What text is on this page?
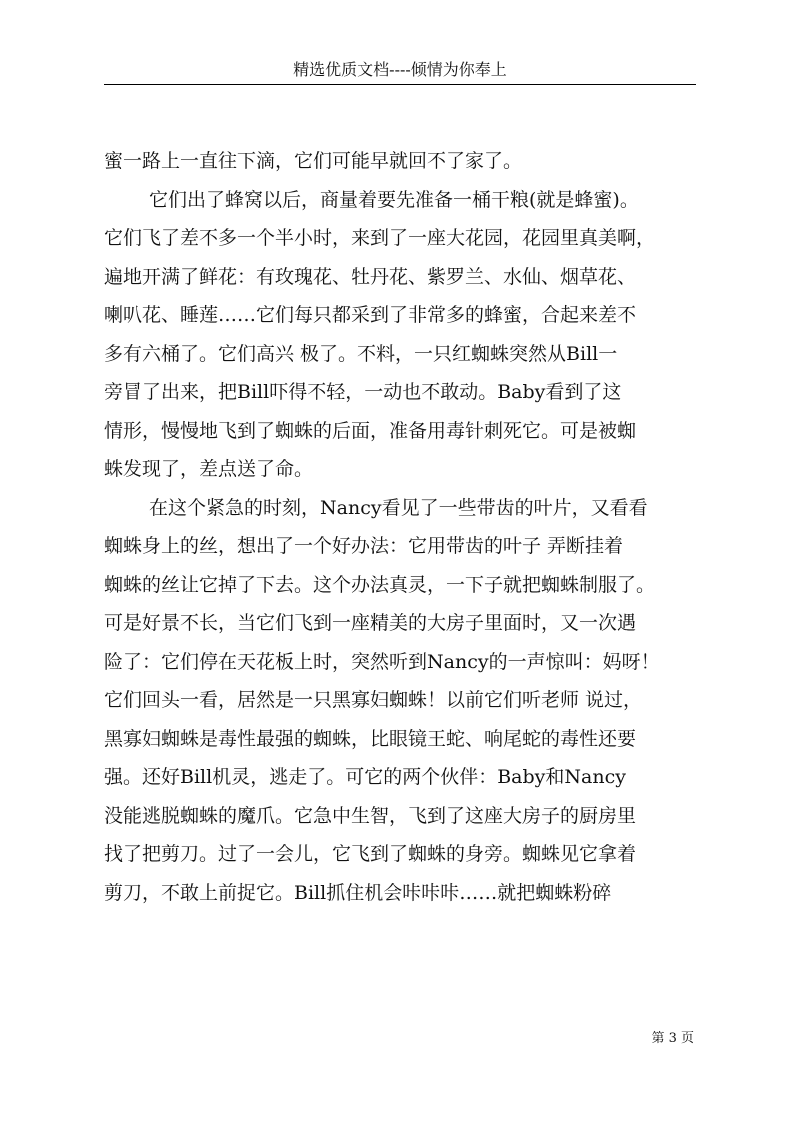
精选优质文档----倾情为你奉上
蜜一路上一直往下滴，它们可能早就回不了家了。
它们出了蜂窝以后，商量着要先准备一桶干粮(就是蜂蜜)。
它们飞了差不多一个半小时，来到了一座大花园，花园里真美啊，
遍地开满了鲜花：有玫瑰花、牡丹花、紫罗兰、水仙、烟草花、
喇叭花、睡莲……它们每只都采到了非常多的蜂蜜，合起来差不
多有六桶了。它们高兴 极了。不料，一只红蜘蛛突然从Bill一
旁冒了出来，把Bill吓得不轻，一动也不敢动。Baby看到了这
情形，慢慢地飞到了蜘蛛的后面，准备用毒针刺死它。可是被蜘
蛛发现了，差点送了命。
在这个紧急的时刻，Nancy看见了一些带齿的叶片，又看看
蜘蛛身上的丝，想出了一个好办法：它用带齿的叶子 弄断挂着
蜘蛛的丝让它掉了下去。这个办法真灵，一下子就把蜘蛛制服了。
可是好景不长，当它们飞到一座精美的大房子里面时，又一次遇
险了：它们停在天花板上时，突然听到Nancy的一声惊叫：妈呀！
它们回头一看，居然是一只黑寡妇蜘蛛！以前它们听老师 说过，
黑寡妇蜘蛛是毒性最强的蜘蛛，比眼镜王蛇、响尾蛇的毒性还要
强。还好Bill机灵，逃走了。可它的两个伙伴：Baby和Nancy
没能逃脱蜘蛛的魔爪。它急中生智，飞到了这座大房子的厨房里
找了把剪刀。过了一会儿，它飞到了蜘蛛的身旁。蜘蛛见它拿着
剪刀，不敢上前捉它。Bill抓住机会咔咔咔……就把蜘蛛粉碎
第 3 页
